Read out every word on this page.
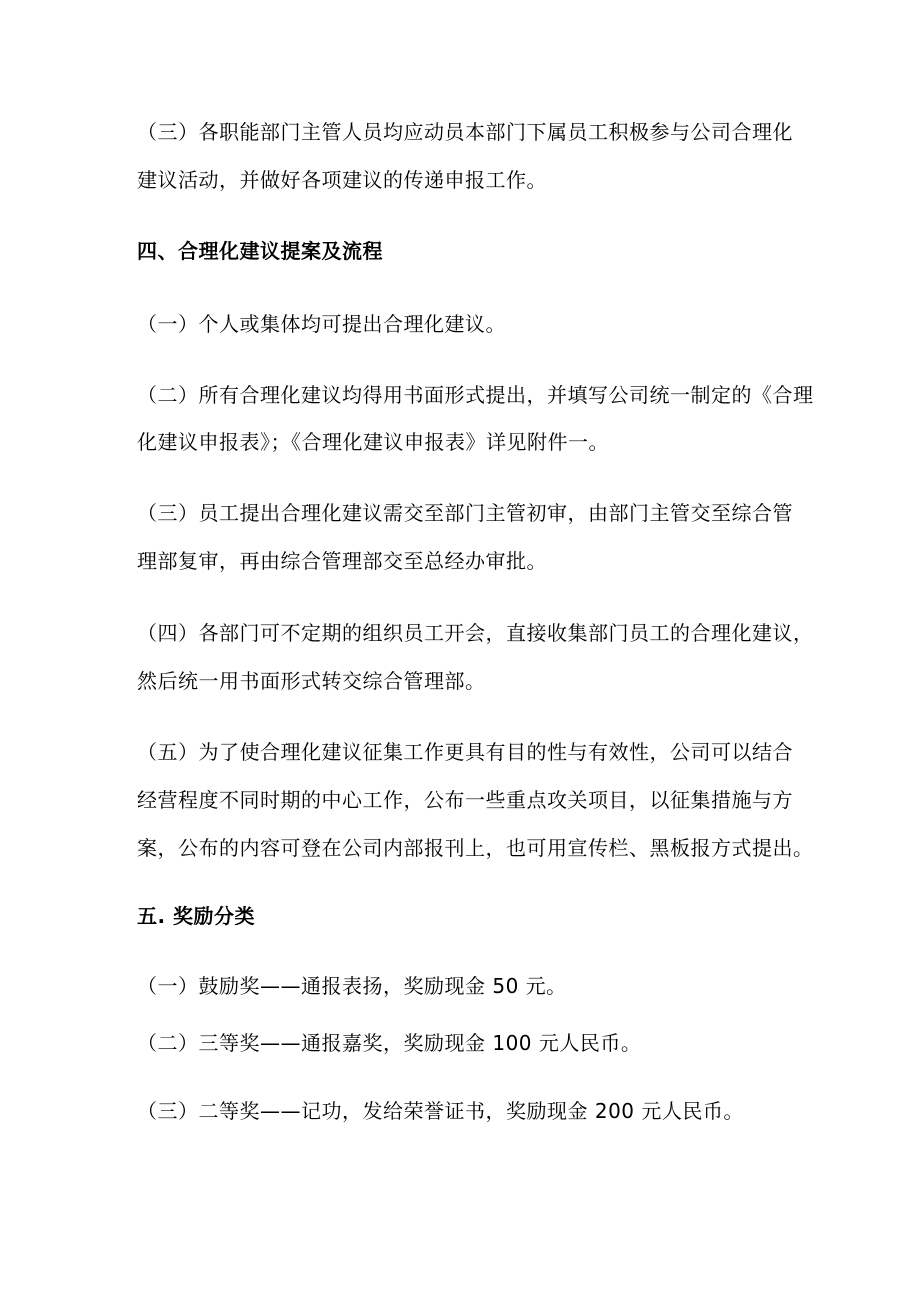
（三）各职能部门主管人员均应动员本部门下属员工积极参与公司合理化
建议活动，并做好各项建议的传递申报工作。
四、合理化建议提案及流程
（一）个人或集体均可提出合理化建议。
（二）所有合理化建议均得用书面形式提出，并填写公司统一制定的《合理
化建议申报表》；《合理化建议申报表》详见附件一。
（三）员工提出合理化建议需交至部门主管初审，由部门主管交至综合管
理部复审，再由综合管理部交至总经办审批。
（四）各部门可不定期的组织员工开会，直接收集部门员工的合理化建议，
然后统一用书面形式转交综合管理部。
（五）为了使合理化建议征集工作更具有目的性与有效性，公司可以结合
经营程度不同时期的中心工作，公布一些重点攻关项目，以征集措施与方
案，公布的内容可登在公司内部报刊上，也可用宣传栏、黑板报方式提出。
五. 奖励分类
（一）鼓励奖——通报表扬，奖励现金 50 元。
（二）三等奖——通报嘉奖，奖励现金 100 元人民币。
（三）二等奖——记功，发给荣誉证书，奖励现金 200 元人民币。
